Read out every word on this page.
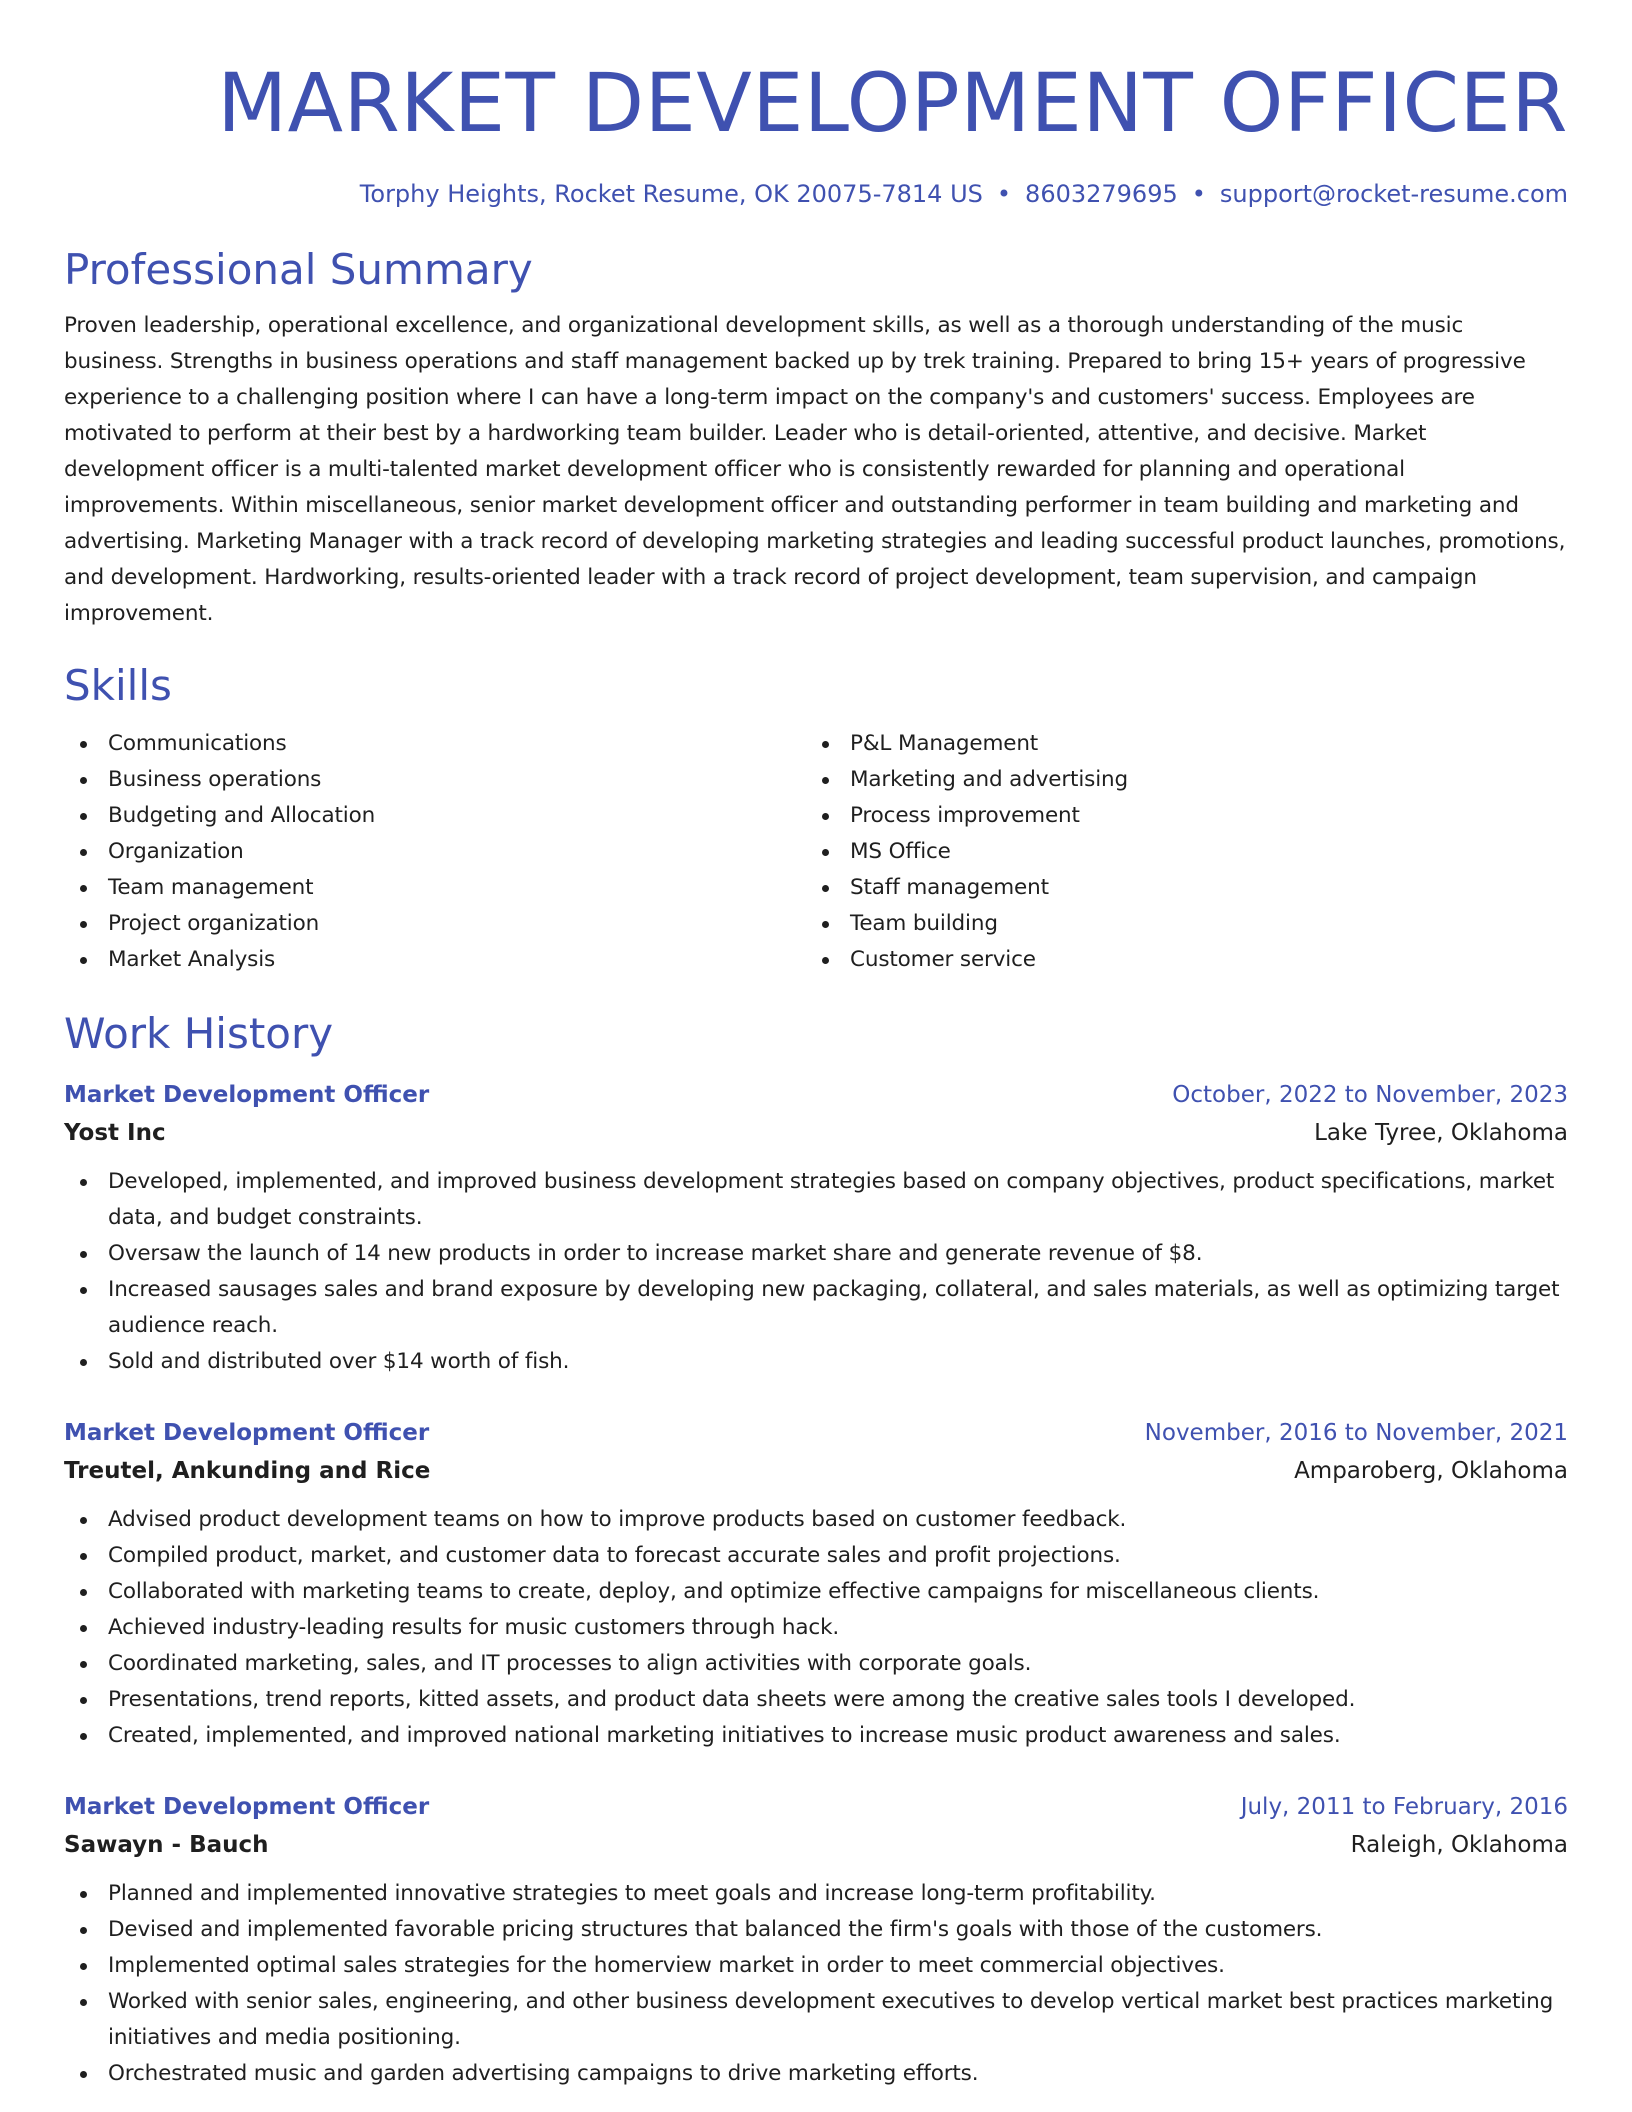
MARKET DEVELOPMENT OFFICER
Torphy Heights, Rocket Resume, OK 20075-7814 US • 8603279695 • support@rocket-resume.com
Professional Summary

Proven leadership, operational excellence, and organizational development skills, as well as a thorough understanding of the music business. Strengths in business operations and staff management backed up by trek training. Prepared to bring 15+ years of progressive experience to a challenging position where I can have a long-term impact on the company's and customers' success. Employees are motivated to perform at their best by a hardworking team builder. Leader who is detail-oriented, attentive, and decisive. Market development officer is a multi-talented market development officer who is consistently rewarded for planning and operational improvements. Within miscellaneous, senior market development officer and outstanding performer in team building and marketing and advertising. Marketing Manager with a track record of developing marketing strategies and leading successful product launches, promotions, and development. Hardworking, results-oriented leader with a track record of project development, team supervision, and campaign improvement.

Skills
Communications
Business operations
Budgeting and Allocation
Organization
Team management
Project organization
Market Analysis
P&L Management
Marketing and advertising
Process improvement
MS Office
Staff management
Team building
Customer service
Work History
Market Development Officer	October, 2022 to November, 2023
Yost Inc	Lake Tyree, Oklahoma
Developed, implemented, and improved business development strategies based on company objectives, product specifications, market data, and budget constraints.
Oversaw the launch of 14 new products in order to increase market share and generate revenue of $8.
Increased sausages sales and brand exposure by developing new packaging, collateral, and sales materials, as well as optimizing target audience reach.
Sold and distributed over $14 worth of fish.
Market Development Officer	November, 2016 to November, 2021
Treutel, Ankunding and Rice	Amparoberg, Oklahoma
Advised product development teams on how to improve products based on customer feedback.
Compiled product, market, and customer data to forecast accurate sales and profit projections.
Collaborated with marketing teams to create, deploy, and optimize effective campaigns for miscellaneous clients.
Achieved industry-leading results for music customers through hack.
Coordinated marketing, sales, and IT processes to align activities with corporate goals.
Presentations, trend reports, kitted assets, and product data sheets were among the creative sales tools I developed.
Created, implemented, and improved national marketing initiatives to increase music product awareness and sales.
Market Development Officer	July, 2011 to February, 2016
Sawayn - Bauch	Raleigh, Oklahoma
Planned and implemented innovative strategies to meet goals and increase long-term profitability.
Devised and implemented favorable pricing structures that balanced the firm's goals with those of the customers.
Implemented optimal sales strategies for the homerview market in order to meet commercial objectives.
Worked with senior sales, engineering, and other business development executives to develop vertical market best practices marketing initiatives and media positioning.
Orchestrated music and garden advertising campaigns to drive marketing efforts.
